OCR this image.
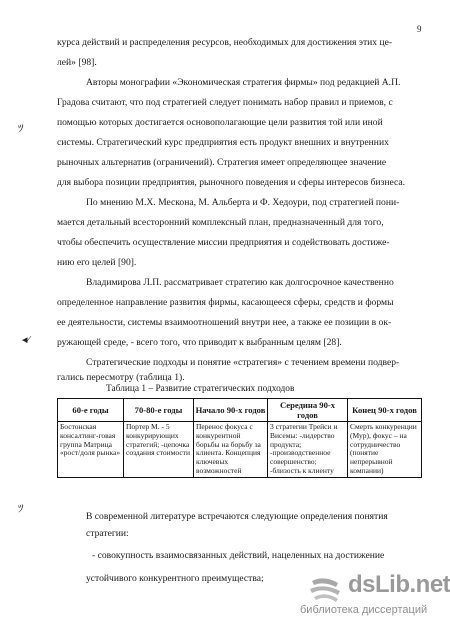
9
ﾂ
◂⁄
ﾂ
курса действий и распределения ресурсов, необходимых для достижения этих це-
лей» [98].
Авторы монографии «Экономическая стратегия фирмы» под редакцией А.П.
Градова считают, что под стратегией следует понимать набор правил и приемов, с
помощью которых достигается основополагающие цели развития той или иной
системы. Стратегический курс предприятия есть продукт внешних и внутренних
рыночных альтернатив (ограничений). Стратегия имеет определяющее значение
для выбора позиции предприятия, рыночного поведения и сферы интересов бизнеса.
По мнению М.Х. Мескона, М. Альберта и Ф. Хедоури, под стратегией пони-
мается детальный всесторонний комплексный план, предназначенный для того,
чтобы обеспечить осуществление миссии предприятия и содействовать достиже-
нию его целей [90].
Владимирова Л.П. рассматривает стратегию как долгосрочное качественно
определенное направление развития фирмы, касающееся сферы, средств и формы
ее деятельности, системы взаимоотношений внутри нее, а также ее позиции в ок-
ружающей среде, - всего того, что приводит к выбранным целям [28].
Стратегические подходы и понятие «стратегия» с течением времени подвер-
гались пересмотру (таблица 1).
Таблица 1 – Развитие стратегических подходов
60-е годы	70-80-е годы	Начало 90-х годов	Середина 90-х годов	Конец 90-х годов
Бостонская консалтинг-говая группа Матрица «рост/доля рынка»	Портер М. - 5 конкурирующих стратегий; -цепочка создания стоимости	Перенос фокуса с конкурентной борьбы на борьбу за клиента. Концепция ключевых возможностей	3 стратегии Трейси и Висемы: -лидерство продукта; -производственное совершенство; -близость к клиенту	Смерть конкуренции (Мур), фокус – на сотрудничество (понятие непрерывной компании)
В современной литературе встречаются следующие определения понятия
стратегии:
- совокупность взаимосвязанных действий, нацеленных на достижение
устойчивого конкурентного преимущества;	dsLib.net
библиотека диссертаций
